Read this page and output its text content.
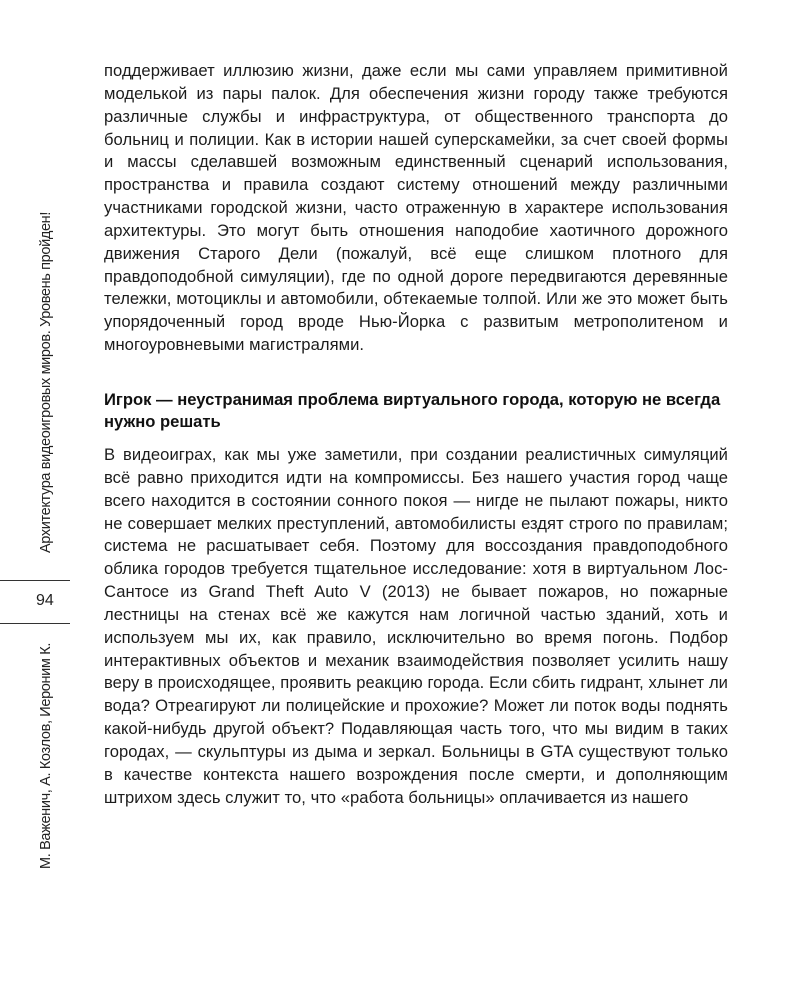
Архитектура видеоигровых миров. Уровень пройден!
94
М. Важенич, А. Козлов, Иероним К.

поддерживает иллюзию жизни, даже если мы сами управляем примитивной моделькой из пары палок. Для обеспечения жизни городу также требуются различные службы и инфраструктура, от общественного транспорта до больниц и полиции. Как в истории нашей суперскамейки, за счет своей формы и массы сделавшей возможным единственный сценарий использования, пространства и правила создают систему отношений между различными участниками городской жизни, часто отраженную в характере использования архитектуры. Это могут быть отношения наподобие хаотичного дорожного движения Старого Дели (пожалуй, всё еще слишком плотного для правдоподобной симуляции), где по одной дороге передвигаются деревянные тележки, мотоциклы и автомобили, обтекаемые толпой. Или же это может быть упорядоченный город вроде Нью-Йорка с развитым метрополитеном и многоуровневыми магистралями.

Игрок — неустранимая проблема виртуального города, которую не всегда нужно решать

В видеоиграх, как мы уже заметили, при создании реалистичных симуляций всё равно приходится идти на компромиссы. Без нашего участия город чаще всего находится в состоянии сонного покоя — нигде не пылают пожары, никто не совершает мелких преступлений, автомобилисты ездят строго по правилам; система не расшатывает себя. Поэтому для воссоздания правдоподобного облика городов требуется тщательное исследование: хотя в виртуальном Лос-Сантосе из Grand Theft Auto V (2013) не бывает пожаров, но пожарные лестницы на стенах всё же кажутся нам логичной частью зданий, хоть и используем мы их, как правило, исключительно во время погонь. Подбор интерактивных объектов и механик взаимодействия позволяет усилить нашу веру в происходящее, проявить реакцию города. Если сбить гидрант, хлынет ли вода? Отреагируют ли полицейские и прохожие? Может ли поток воды поднять какой-нибудь другой объект? Подавляющая часть того, что мы видим в таких городах, — скульптуры из дыма и зеркал. Больницы в GTA существуют только в качестве контекста нашего возрождения после смерти, и дополняющим штрихом здесь служит то, что «работа больницы» оплачивается из нашего
